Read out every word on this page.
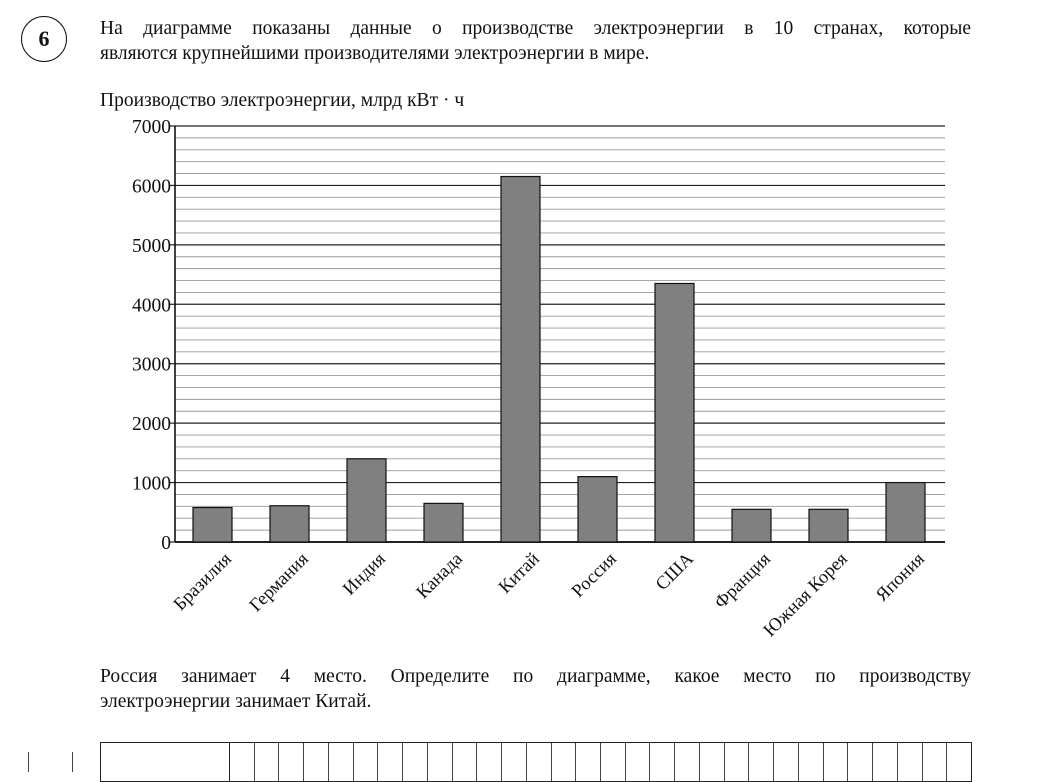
6	На диаграмме показаны данные о производстве электроэнергии в 10 странах, которые
являются крупнейшими производителями электроэнергии в мире.
Производство электроэнергии, млрд кВт · ч
0
1000
2000
3000
4000
5000
6000
7000
Бразилия Германия Индия Канада Китай Россия США Франция
Южная Корея Япония
Россия занимает 4 место. Определите по диаграмме, какое место по производству
электроэнергии занимает Китай.
